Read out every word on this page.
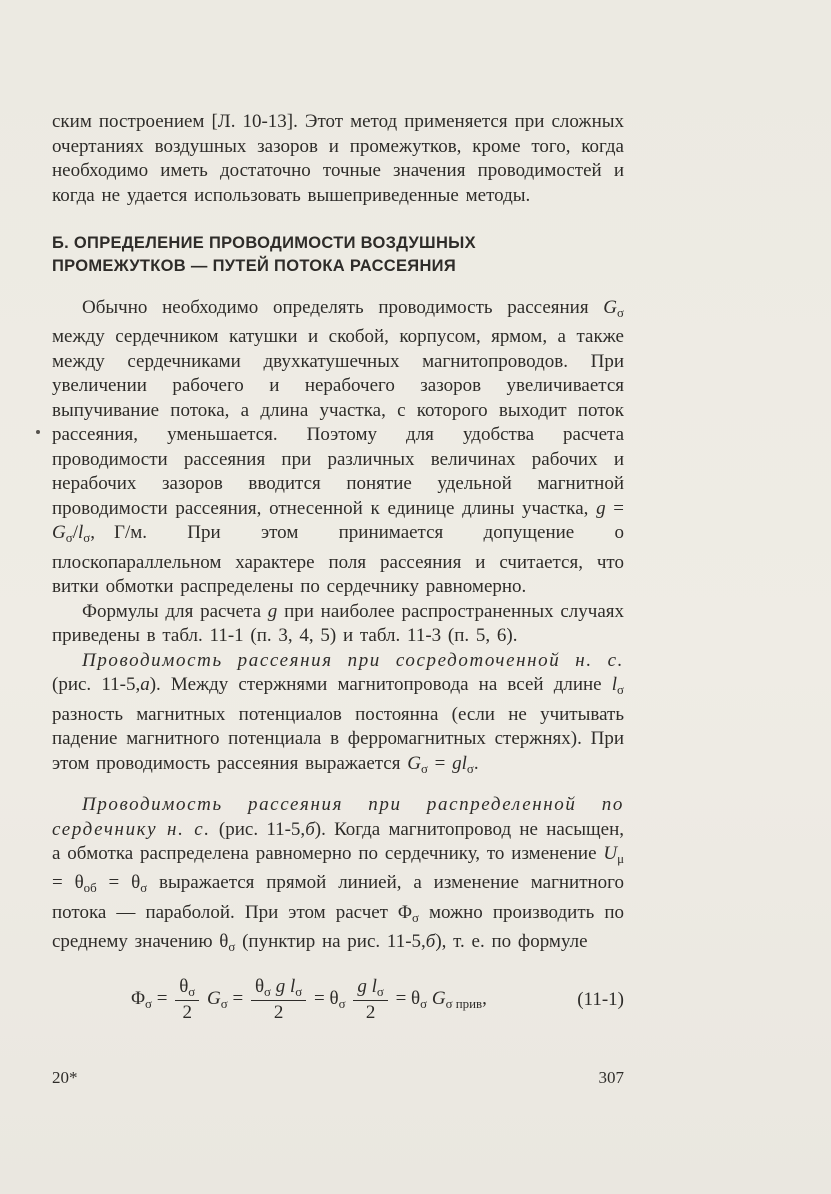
ским построением [Л. 10-13]. Этот метод применяется при сложных очертаниях воздушных зазоров и промежутков, кроме того, когда необходимо иметь достаточно точные значения проводимостей и когда не удается использовать вышеприведенные методы.

Б. ОПРЕДЕЛЕНИЕ ПРОВОДИМОСТИ ВОЗДУШНЫХ
ПРОМЕЖУТКОВ — ПУТЕЙ ПОТОКА РАССЕЯНИЯ

Обычно необходимо определять проводимость рассеяния $G_\sigma$ между сердечником катушки и скобой, корпусом, ярмом, а также между сердечниками двухкатушечных магнитопроводов. При увеличении рабочего и нерабочего зазоров увеличивается выпучивание потока, а длина участка, с которого выходит поток рассеяния, уменьшается. Поэтому для удобства расчета проводимости рассеяния при различных величинах рабочих и нерабочих зазоров вводится понятие удельной магнитной проводимости рассеяния, отнесенной к единице длины участка, $g = G_\sigma/l_\sigma$,  Г/м. При этом принимается допущение о плоскопараллельном характере поля рассеяния и считается, что витки обмотки распределены по сердечнику равномерно.

Формулы для расчета g при наиболее распространенных случаях приведены в табл. 11-1 (п. 3, 4, 5) и табл. 11-3 (п. 5, 6).

Проводимость рассеяния при сосредоточенной н. с. (рис. 11-5,а). Между стержнями магнитопровода на всей длине $l_\sigma$ разность магнитных потенциалов постоянна (если не учитывать падение магнитного потенциала в ферромагнитных стержнях). При этом проводимость рассеяния выражается $G_\sigma = gl_\sigma$.

Проводимость рассеяния при распределенной по сердечнику н. с. (рис. 11-5,б). Когда магнитопровод не насыщен, а обмотка распределена равномерно по сердечнику, то изменение $U_\mu = \theta_{об} = \theta_\sigma$ выражается прямой линией, а изменение магнитного потока — параболой. При этом расчет $\Phi_\sigma$ можно производить по среднему значению $\theta_\sigma$ (пунктир на рис. 11-5,б), т. е. по формуле

$\Phi_\sigma = \frac{\theta_\sigma}{2} G_\sigma = \frac{\theta_\sigma g l_\sigma}{2} = \theta_\sigma \frac{g l_\sigma}{2} = \theta_\sigma$ $G_{\sigma прив}$,	(11-1)
20*	307
